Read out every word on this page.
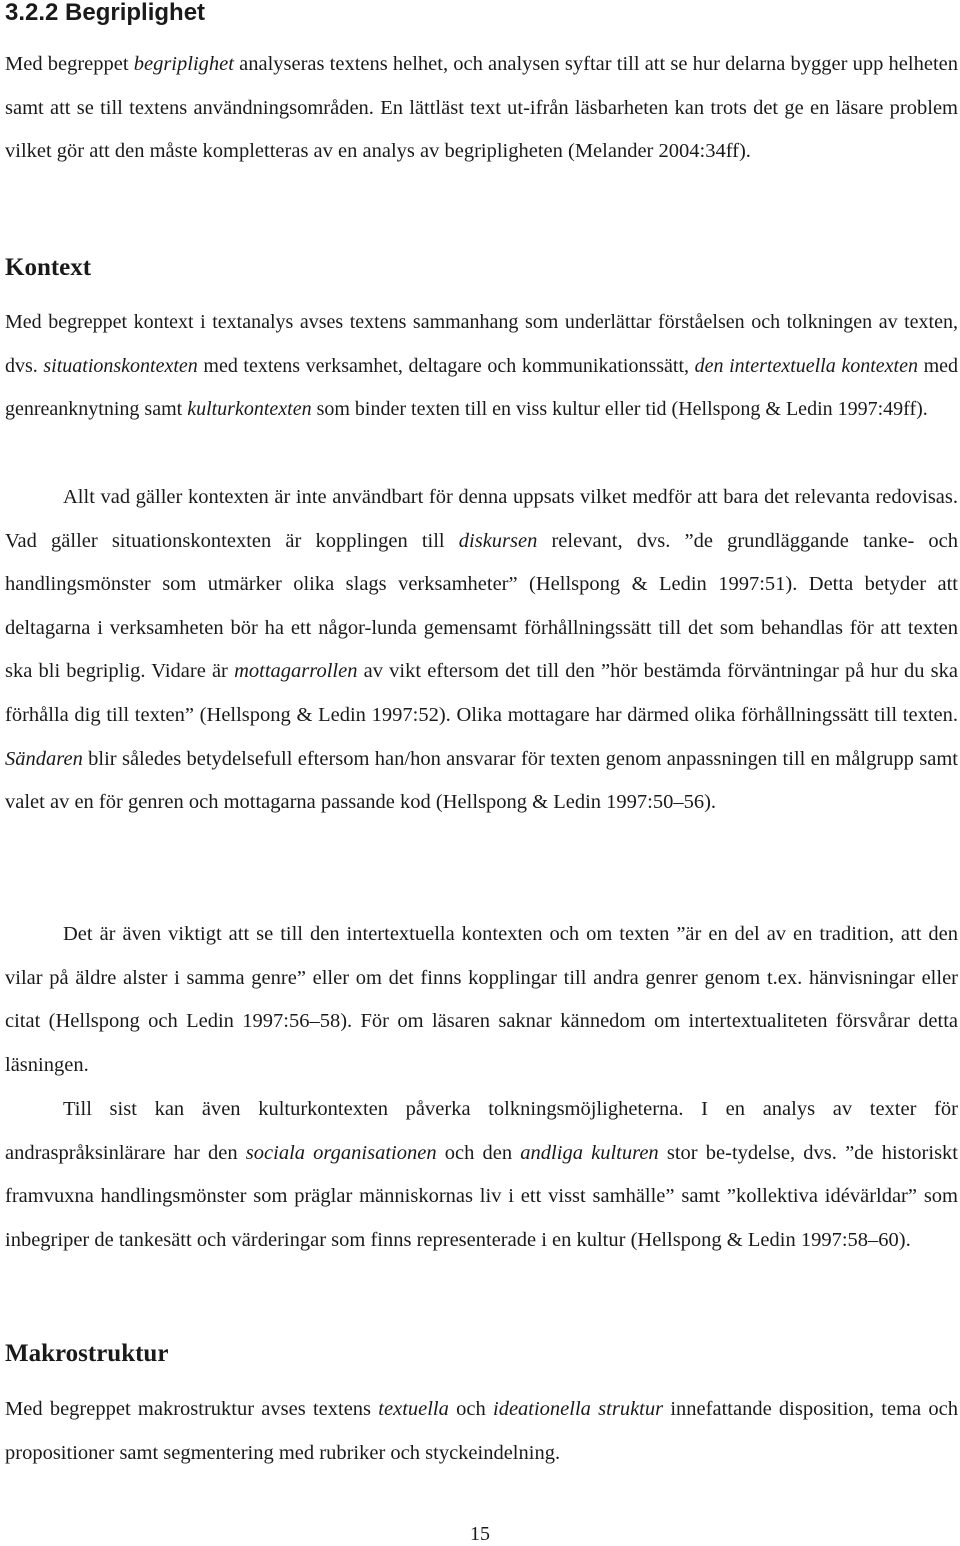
3.2.2 Begriplighet

Med begreppet begriplighet analyseras textens helhet, och analysen syftar till att se hur delarna bygger upp helheten samt att se till textens användningsområden. En lättläst text ut-ifrån läsbarheten kan trots det ge en läsare problem vilket gör att den måste kompletteras av en analys av begripligheten (Melander 2004:34ff).

Kontext

Med begreppet kontext i textanalys avses textens sammanhang som underlättar förståelsen och tolkningen av texten, dvs. situationskontexten med textens verksamhet, deltagare och kommunikationssätt, den intertextuella kontexten med genreanknytning samt kulturkontexten som binder texten till en viss kultur eller tid (Hellspong & Ledin 1997:49ff).

Allt vad gäller kontexten är inte användbart för denna uppsats vilket medför att bara det relevanta redovisas. Vad gäller situationskontexten är kopplingen till diskursen relevant, dvs. ”de grundläggande tanke- och handlingsmönster som utmärker olika slags verksamheter” (Hellspong & Ledin 1997:51). Detta betyder att deltagarna i verksamheten bör ha ett någor-lunda gemensamt förhållningssätt till det som behandlas för att texten ska bli begriplig. Vidare är mottagarrollen av vikt eftersom det till den ”hör bestämda förväntningar på hur du ska förhålla dig till texten” (Hellspong & Ledin 1997:52). Olika mottagare har därmed olika förhållningssätt till texten. Sändaren blir således betydelsefull eftersom han/hon ansvarar för texten genom anpassningen till en målgrupp samt valet av en för genren och mottagarna passande kod (Hellspong & Ledin 1997:50–56).

Det är även viktigt att se till den intertextuella kontexten och om texten ”är en del av en tradition, att den vilar på äldre alster i samma genre” eller om det finns kopplingar till andra genrer genom t.ex. hänvisningar eller citat (Hellspong och Ledin 1997:56–58). För om läsaren saknar kännedom om intertextualiteten försvårar detta läsningen.

Till sist kan även kulturkontexten påverka tolkningsmöjligheterna. I en analys av texter för andraspråksinlärare har den sociala organisationen och den andliga kulturen stor be-tydelse, dvs. ”de historiskt framvuxna handlingsmönster som präglar människornas liv i ett visst samhälle” samt ”kollektiva idévärldar” som inbegriper de tankesätt och värderingar som finns representerade i en kultur (Hellspong & Ledin 1997:58–60).

Makrostruktur

Med begreppet makrostruktur avses textens textuella och ideationella struktur innefattande disposition, tema och propositioner samt segmentering med rubriker och styckeindelning.

15
